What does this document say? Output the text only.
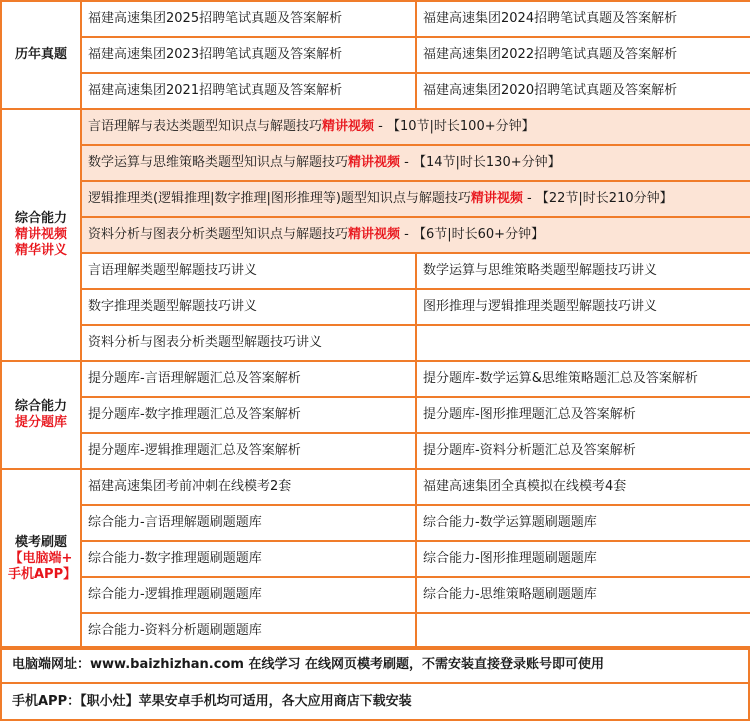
历年真题	福建高速集团2025招聘笔试真题及答案解析	福建高速集团2024招聘笔试真题及答案解析
	福建高速集团2023招聘笔试真题及答案解析	福建高速集团2022招聘笔试真题及答案解析
	福建高速集团2021招聘笔试真题及答案解析	福建高速集团2020招聘笔试真题及答案解析

综合能力
精讲视频
精华讲义	言语理解与表达类题型知识点与解题技巧精讲视频 - 【10节|时长100+分钟】	
	数学运算与思维策略类题型知识点与解题技巧精讲视频 - 【14节|时长130+分钟】	
	逻辑推理类(逻辑推理|数字推理|图形推理等)题型知识点与解题技巧精讲视频 - 【22节|时长210分钟】	
	资料分析与图表分析类题型知识点与解题技巧精讲视频 - 【6节|时长60+分钟】	
	言语理解类题型解题技巧讲义	数学运算与思维策略类题型解题技巧讲义
	数字推理类题型解题技巧讲义	图形推理与逻辑推理类题型解题技巧讲义
	资料分析与图表分析类题型解题技巧讲义	

综合能力
提分题库	提分题库-言语理解题汇总及答案解析	提分题库-数学运算&思维策略题汇总及答案解析
	提分题库-数字推理题汇总及答案解析	提分题库-图形推理题汇总及答案解析
	提分题库-逻辑推理题汇总及答案解析	提分题库-资料分析题汇总及答案解析

模考刷题
【电脑端+
手机APP】	福建高速集团考前冲刺在线模考2套	福建高速集团全真模拟在线模考4套
	综合能力-言语理解题刷题题库	综合能力-数学运算题刷题题库
	综合能力-数字推理题刷题题库	综合能力-图形推理题刷题题库
	综合能力-逻辑推理题刷题题库	综合能力-思维策略题刷题题库
	综合能力-资料分析题刷题题库	
电脑端网址：www.baizhizhan.com 在线学习 在线网页模考刷题，不需安装直接登录账号即可使用
手机APP：【职小灶】苹果安卓手机均可适用，各大应用商店下载安装
